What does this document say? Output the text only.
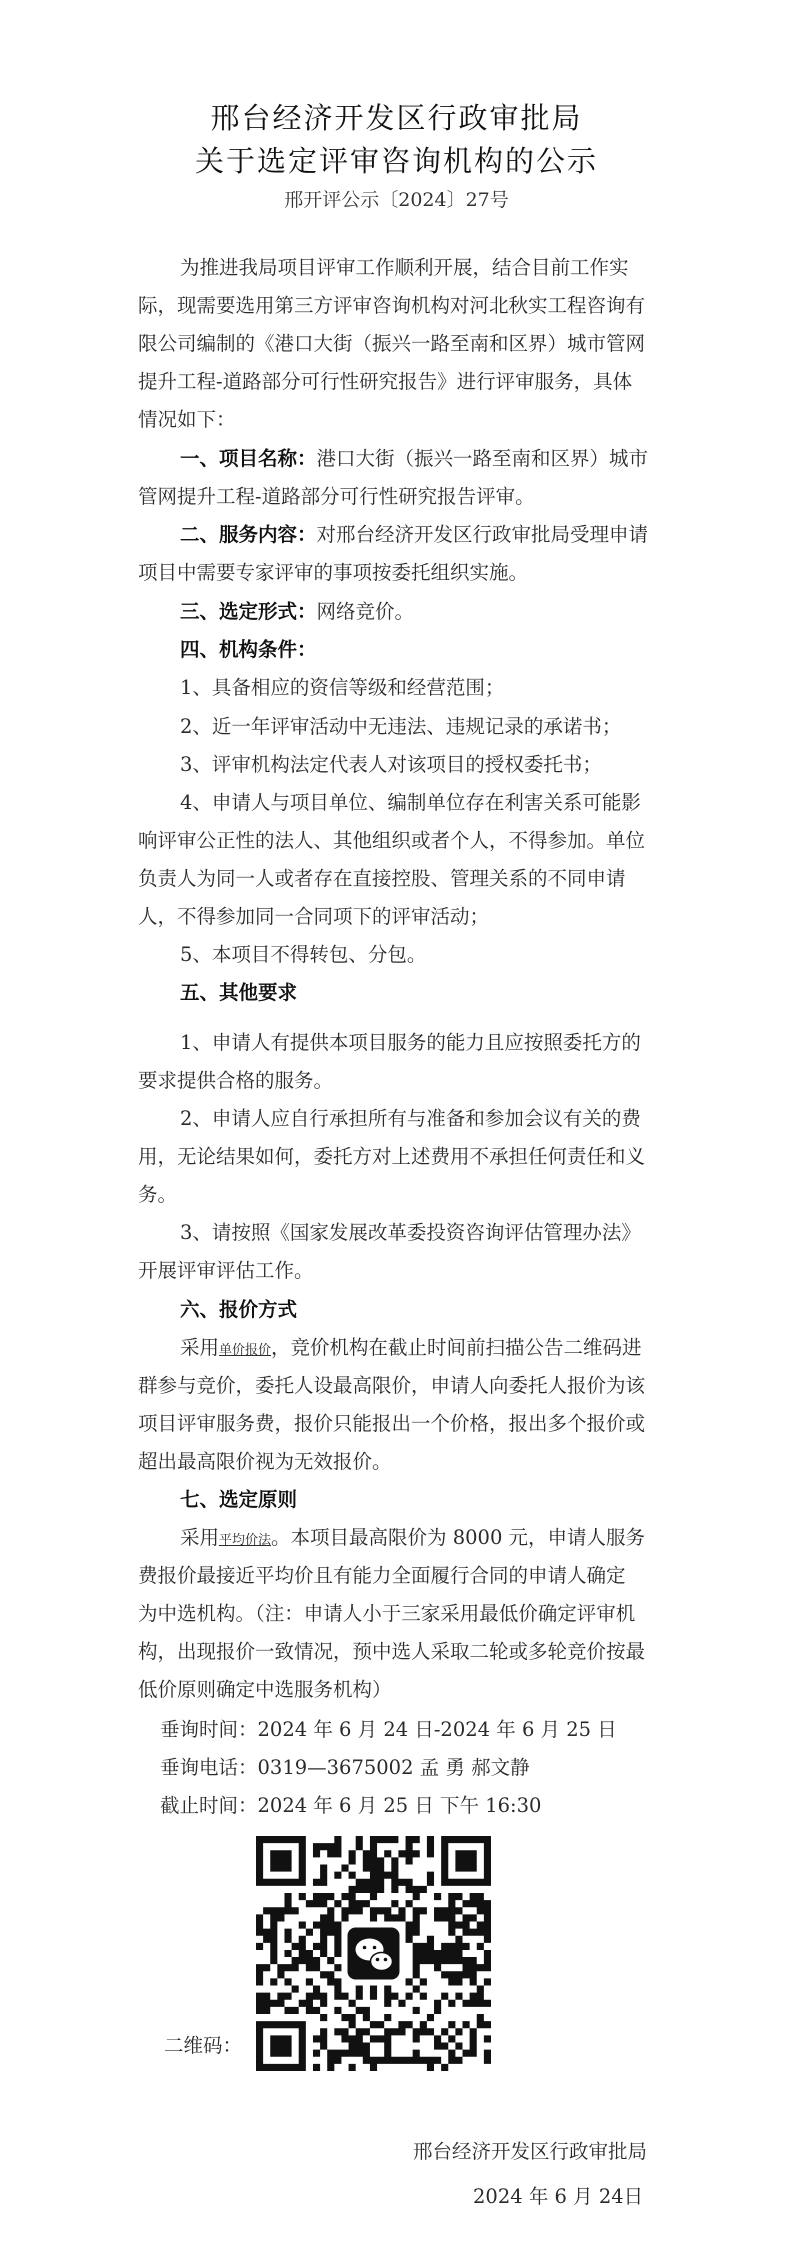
邢台经济开发区行政审批局
关于选定评审咨询机构的公示
邢开评公示〔2024〕27号
为推进我局项目评审工作顺利开展，结合目前工作实
际，现需要选用第三方评审咨询机构对河北秋实工程咨询有
限公司编制的《港口大街（振兴一路至南和区界）城市管网
提升工程-道路部分可行性研究报告》进行评审服务，具体
情况如下：
一、项目名称：港口大街（振兴一路至南和区界）城市
管网提升工程-道路部分可行性研究报告评审。
二、服务内容：对邢台经济开发区行政审批局受理申请
项目中需要专家评审的事项按委托组织实施。
三、选定形式：网络竞价。
四、机构条件：
1、具备相应的资信等级和经营范围；
2、近一年评审活动中无违法、违规记录的承诺书；
3、评审机构法定代表人对该项目的授权委托书；
4、申请人与项目单位、编制单位存在利害关系可能影
响评审公正性的法人、其他组织或者个人，不得参加。单位
负责人为同一人或者存在直接控股、管理关系的不同申请
人，不得参加同一合同项下的评审活动；
5、本项目不得转包、分包。
五、其他要求
1、申请人有提供本项目服务的能力且应按照委托方的
要求提供合格的服务。
2、申请人应自行承担所有与准备和参加会议有关的费
用，无论结果如何，委托方对上述费用不承担任何责任和义
务。
3、请按照《国家发展改革委投资咨询评估管理办法》
开展评审评估工作。
六、报价方式
采用单价报价，竞价机构在截止时间前扫描公告二维码进
群参与竞价，委托人设最高限价，申请人向委托人报价为该
项目评审服务费，报价只能报出一个价格，报出多个报价或
超出最高限价视为无效报价。
七、选定原则
采用平均价法。本项目最高限价为 8000 元，申请人服务
费报价最接近平均价且有能力全面履行合同的申请人确定
为中选机构。（注：申请人小于三家采用最低价确定评审机
构，出现报价一致情况，预中选人采取二轮或多轮竞价按最
低价原则确定中选服务机构）
垂询时间：2024 年 6 月 24 日-2024 年 6 月 25 日
垂询电话：0319—3675002 孟 勇 郝文静
截止时间：2024 年 6 月 25 日 下午 16:30
二维码：
邢台经济开发区行政审批局
2024 年 6 月 24日
